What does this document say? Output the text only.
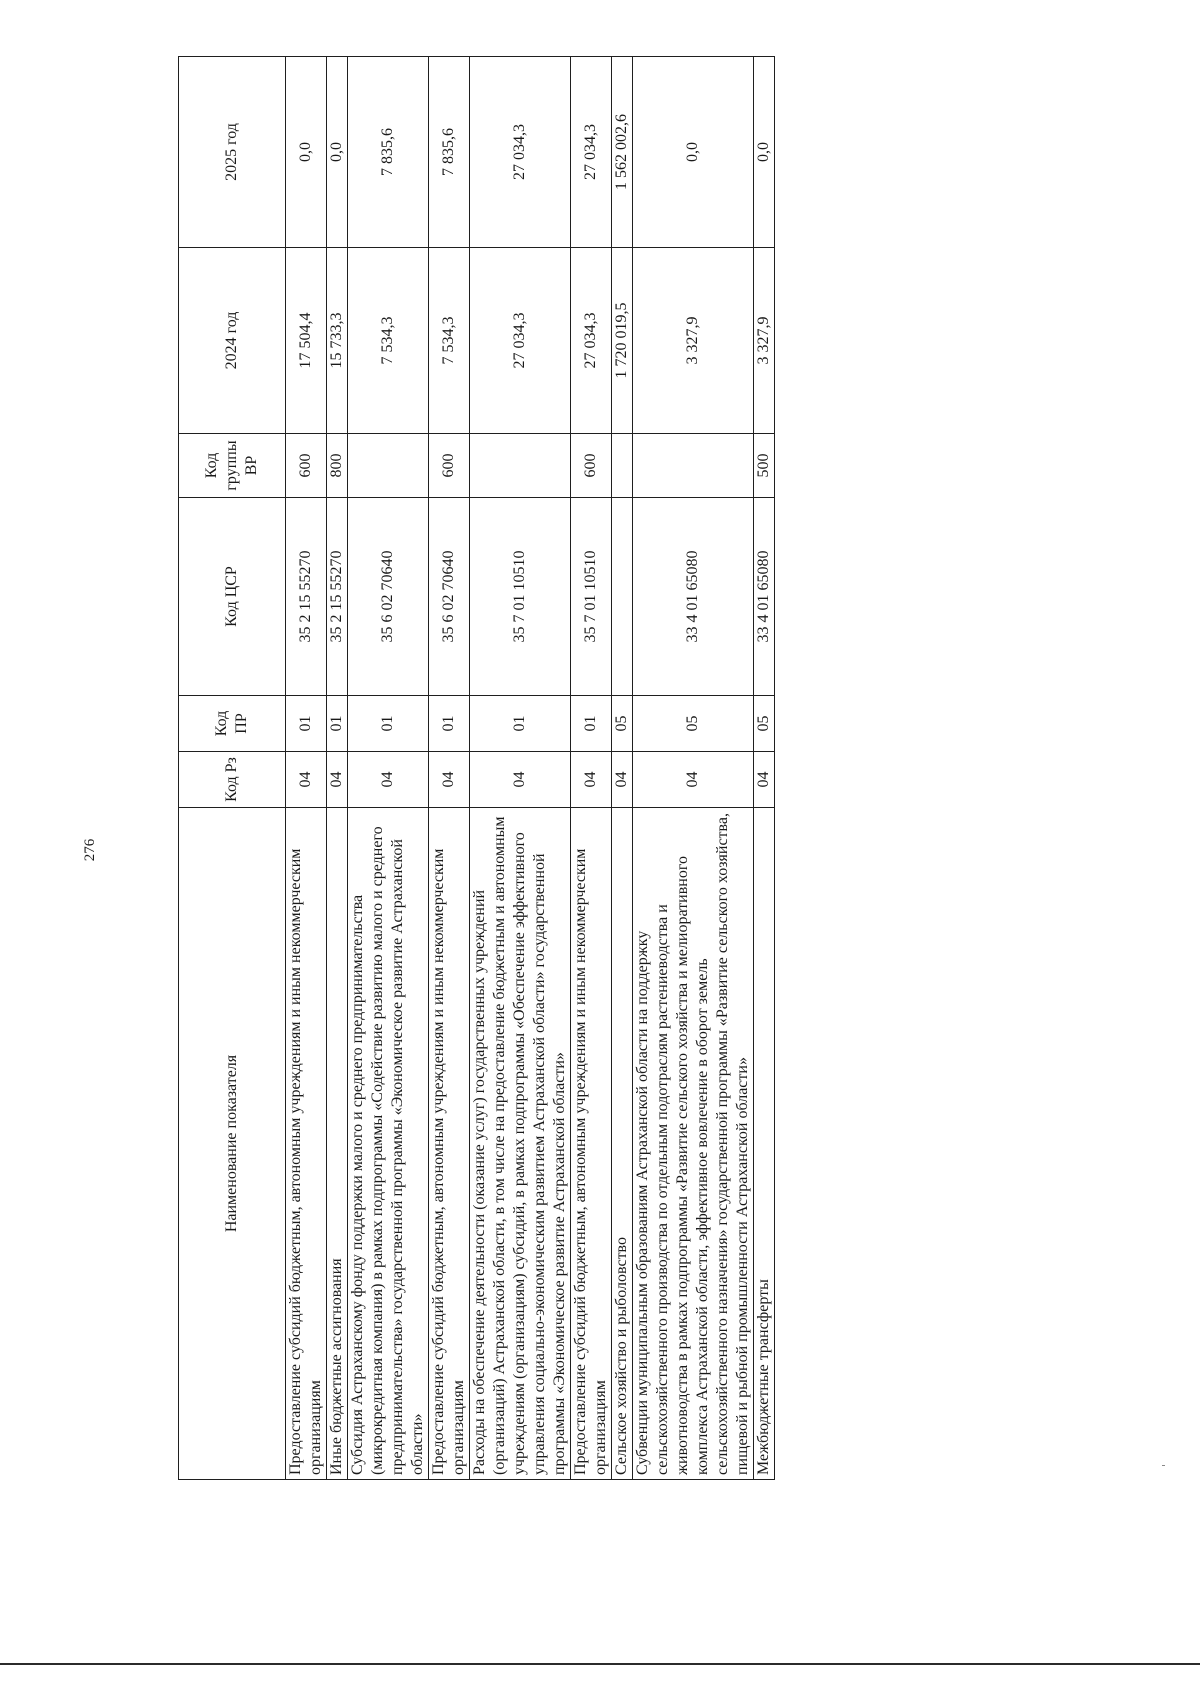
276
Наименование показателя	Код Рз	Код ПР	Код ЦСР	Код группы ВР	2024 год	2025 год
Предоставление субсидий бюджетным, автономным учреждениям и иным некоммерческим организациям	04	01	35 2 15 55270	600	17 504,4	0,0
Иные бюджетные ассигнования	04	01	35 2 15 55270	800	15 733,3	0,0
Субсидия Астраханскому фонду поддержки малого и среднего предпринимательства (микрокредитная компания) в рамках подпрограммы «Содействие развитию малого и среднего предпринимательства» государственной программы «Экономическое развитие Астраханской области»	04	01	35 6 02 70640		7 534,3	7 835,6
Предоставление субсидий бюджетным, автономным учреждениям и иным некоммерческим организациям	04	01	35 6 02 70640	600	7 534,3	7 835,6
Расходы на обеспечение деятельности (оказание услуг) государственных учреждений (организаций) Астраханской области, в том числе на предоставление бюджетным и автономным учреждениям (организациям) субсидий, в рамках подпрограммы «Обеспечение эффективного управления социально-экономическим развитием Астраханской области» государственной программы «Экономическое развитие Астраханской области»	04	01	35 7 01 10510		27 034,3	27 034,3
Предоставление субсидий бюджетным, автономным учреждениям и иным некоммерческим организациям	04	01	35 7 01 10510	600	27 034,3	27 034,3
Сельское хозяйство и рыболовство	04	05			1 720 019,5	1 562 002,6
Субвенции муниципальным образованиям Астраханской области на поддержку сельскохозяйственного производства по отдельным подотраслям растениеводства и животноводства в рамках подпрограммы «Развитие сельского хозяйства и мелиоративного комплекса Астраханской области, эффективное вовлечение в оборот земель сельскохозяйственного назначения» государственной программы «Развитие сельского хозяйства, пищевой и рыбной промышленности Астраханской области»	04	05	33 4 01 65080		3 327,9	0,0
Межбюджетные трансферты	04	05	33 4 01 65080	500	3 327,9	0,0
